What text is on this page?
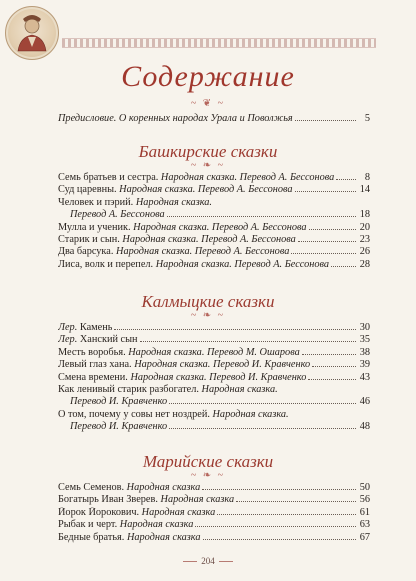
Содержание
~ ❦ ~
Предисловие. О коренных народах Урала и Поволжья	5
Башкирские сказки
~ ❧ ~
Семь братьев и сестра. Народная сказка. Перевод А. Бессонова	8
Суд царевны. Народная сказка. Перевод А. Бессонова	14
Человек и пэрий. Народная сказка.
Перевод А. Бессонова	18
Мулла и ученик. Народная сказка. Перевод А. Бессонова	20
Старик и сын. Народная сказка. Перевод А. Бессонова	23
Два барсука. Народная сказка. Перевод А. Бессонова	26
Лиса, волк и перепел. Народная сказка. Перевод А. Бессонова	28
Калмыцкие сказки
~ ❧ ~
Лер. Камень	30
Лер. Ханский сын	35
Месть воробья. Народная сказка. Перевод М. Ошарова	38
Левый глаз хана. Народная сказка. Перевод И. Кравченко	39
Смена времени. Народная сказка. Перевод И. Кравченко	43
Как ленивый старик разбогател. Народная сказка.
Перевод И. Кравченко	46
О том, почему у совы нет ноздрей. Народная сказка.
Перевод И. Кравченко	48
Марийские сказки
~ ❧ ~
Семь Семенов. Народная сказка	50
Богатырь Иван Зверев. Народная сказка	56
Йорок Йорокович. Народная сказка	61
Рыбак и черт. Народная сказка	63
Бедные братья. Народная сказка	67
204
